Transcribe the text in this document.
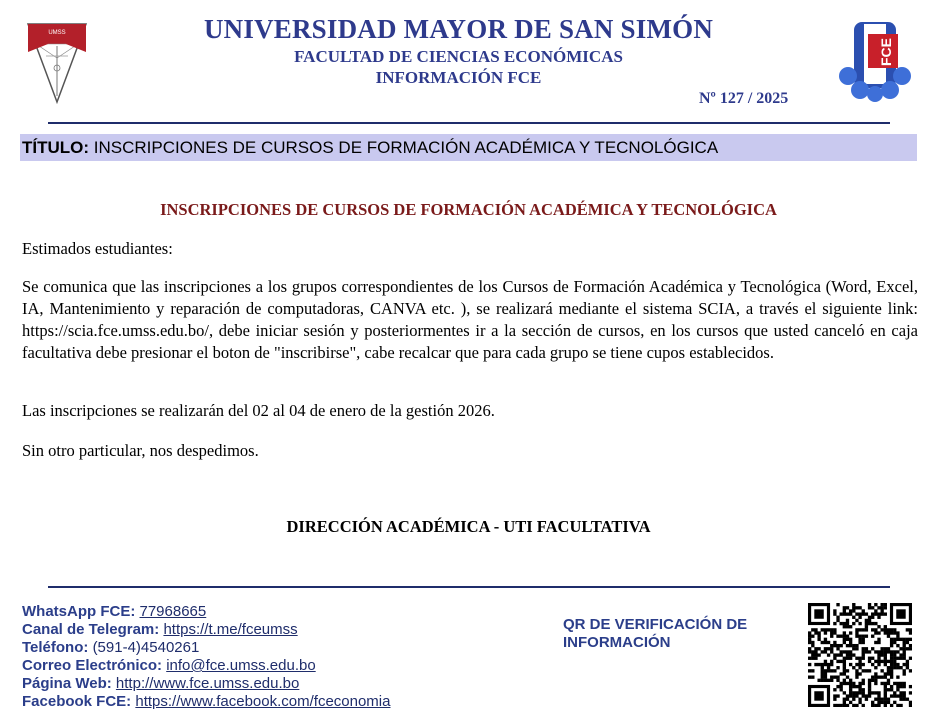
UMSS	UNIVERSIDAD MAYOR DE SAN SIMÓN
FACULTAD DE CIENCIAS ECONÓMICAS
INFORMACIÓN FCE
Nº 127 / 2025
FCE
TÍTULO: INSCRIPCIONES DE CURSOS DE FORMACIÓN ACADÉMICA Y TECNOLÓGICA
INSCRIPCIONES DE CURSOS DE FORMACIÓN ACADÉMICA Y TECNOLÓGICA
Estimados estudiantes:
Se comunica que las inscripciones a los grupos correspondientes de los Cursos de Formación Académica y Tecnológica (Word, Excel, IA, Mantenimiento y reparación de computadoras, CANVA etc. ), se realizará mediante el sistema SCIA, a través el siguiente link: https://scia.fce.umss.edu.bo/, debe iniciar sesión y posteriormentes ir a la sección de cursos, en los cursos que usted canceló en caja facultativa debe presionar el boton de "inscribirse", cabe recalcar que para cada grupo se tiene cupos establecidos.
Las inscripciones se realizarán del 02 al 04 de enero de la gestión 2026.
Sin otro particular, nos despedimos.
DIRECCIÓN ACADÉMICA - UTI FACULTATIVA
WhatsApp FCE: 77968665
Canal de Telegram: https://t.me/fceumss
Teléfono: (591-4)4540261
Correo Electrónico: info@fce.umss.edu.bo
Página Web: http://www.fce.umss.edu.bo
Facebook FCE: https://www.facebook.com/fceconomia
QR DE VERIFICACIÓN DE INFORMACIÓN
